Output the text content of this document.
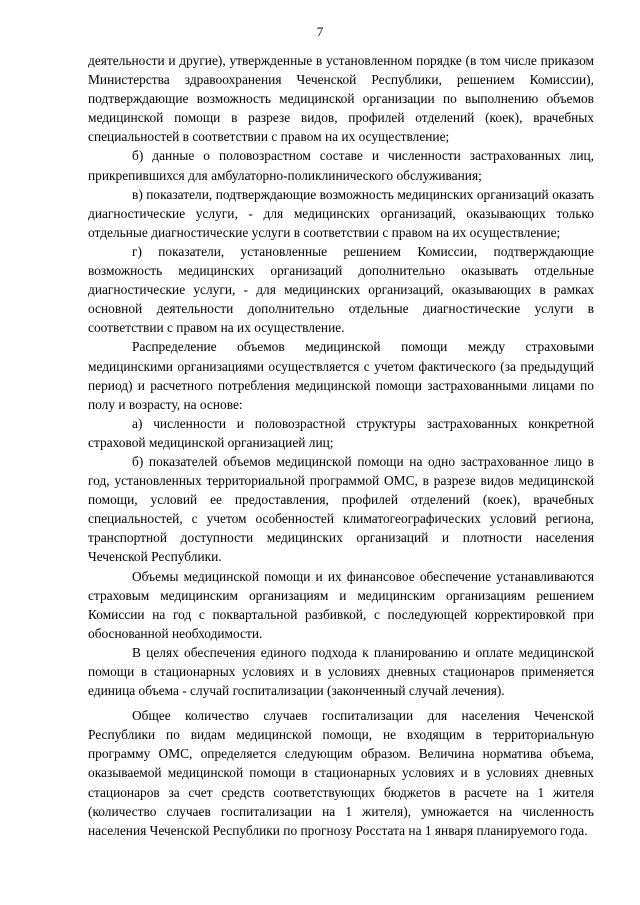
7

деятельности и другие), утвержденные в установленном порядке (в том числе приказом Министерства здравоохранения Чеченской Республики, решением Комиссии), подтверждающие возможность медицинской организации по выполнению объемов медицинской помощи в разрезе видов, профилей отделений (коек), врачебных специальностей в соответствии с правом на их осуществление;

б) данные о половозрастном составе и численности застрахованных лиц, прикрепившихся для амбулаторно-поликлинического обслуживания;

в) показатели, подтверждающие возможность медицинских организаций оказать диагностические услуги, - для медицинских организаций, оказывающих только отдельные диагностические услуги в соответствии с правом на их осуществление;

г) показатели, установленные решением Комиссии, подтверждающие возможность медицинских организаций дополнительно оказывать отдельные диагностические услуги, - для медицинских организаций, оказывающих в рамках основной деятельности дополнительно отдельные диагностические услуги в соответствии с правом на их осуществление.

Распределение объемов медицинской помощи между страховыми медицинскими организациями осуществляется с учетом фактического (за предыдущий период) и расчетного потребления медицинской помощи застрахованными лицами по полу и возрасту, на основе:

а) численности и половозрастной структуры застрахованных конкретной страховой медицинской организацией лиц;

б) показателей объемов медицинской помощи на одно застрахованное лицо в год, установленных территориальной программой ОМС, в разрезе видов медицинской помощи, условий ее предоставления, профилей отделений (коек), врачебных специальностей, с учетом особенностей климатогеографических условий региона, транспортной доступности медицинских организаций и плотности населения Чеченской Республики.

Объемы медицинской помощи и их финансовое обеспечение устанавливаются страховым медицинским организациям и медицинским организациям решением Комиссии на год с поквартальной разбивкой, с последующей корректировкой при обоснованной необходимости.

В целях обеспечения единого подхода к планированию и оплате медицинской помощи в стационарных условиях и в условиях дневных стационаров применяется единица объема - случай госпитализации (законченный случай лечения).

Общее количество случаев госпитализации для населения Чеченской Республики по видам медицинской помощи, не входящим в территориальную программу ОМС, определяется следующим образом. Величина норматива объема, оказываемой медицинской помощи в стационарных условиях и в условиях дневных стационаров за счет средств соответствующих бюджетов в расчете на 1 жителя (количество случаев госпитализации на 1 жителя), умножается на численность населения Чеченской Республики по прогнозу Росстата на 1 января планируемого года.
